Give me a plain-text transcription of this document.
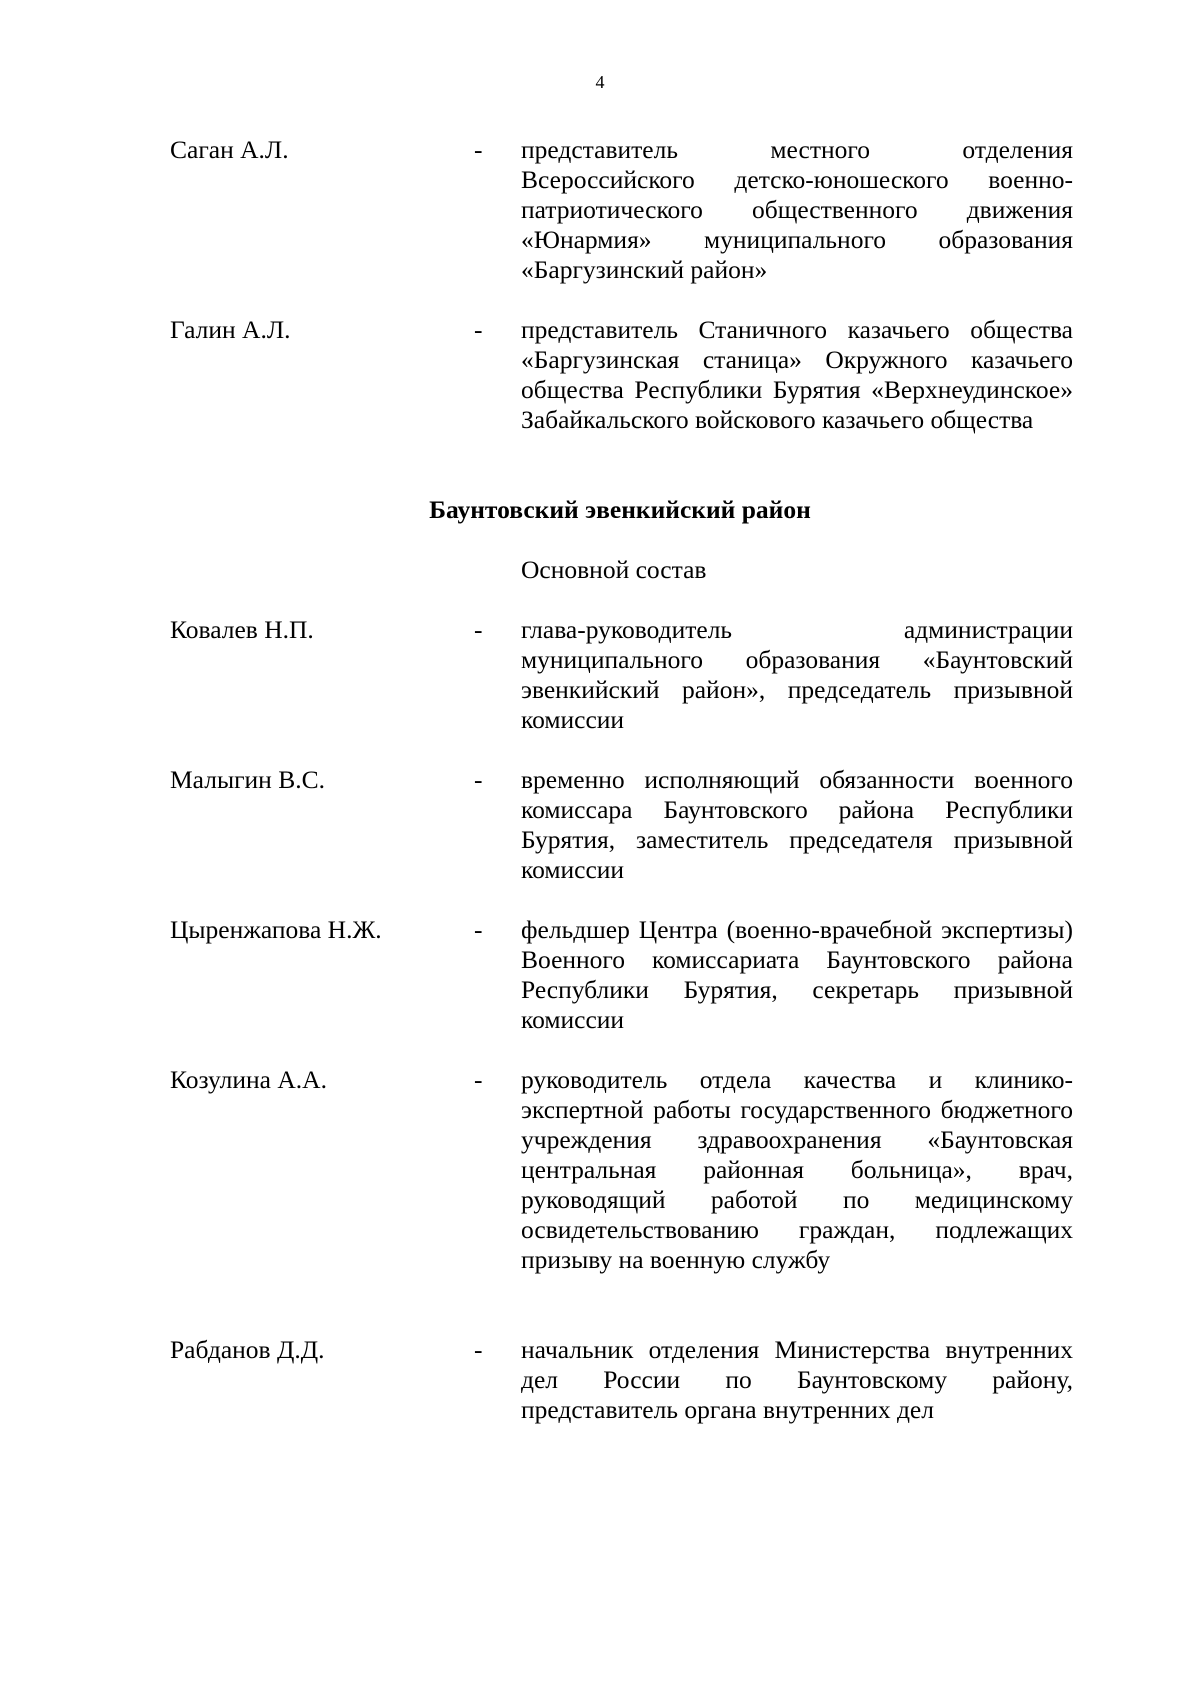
4
Саган А.Л.	- представитель местного отделения Всероссийского детско-юношеского военно-патриотического общественного движения «Юнармия» муниципального образования «Баргузинский район»
Галин А.Л.	- представитель Станичного казачьего общества «Баргузинская станица» Окружного казачьего общества Республики Бурятия «Верхнеудинское» Забайкальского войскового казачьего общества
Баунтовский эвенкийский район
Основной состав
Ковалев Н.П.	- глава-руководитель администрации муниципального образования «Баунтовский эвенкийский район», председатель призывной комиссии
Малыгин В.С.	- временно исполняющий обязанности военного комиссара Баунтовского района Республики Бурятия, заместитель председателя призывной комиссии
Цыренжапова Н.Ж.	- фельдшер Центра (военно-врачебной экспертизы) Военного комиссариата Баунтовского района Республики Бурятия, секретарь призывной комиссии
Козулина А.А.	- руководитель отдела качества и клинико-экспертной работы государственного бюджетного учреждения здравоохранения «Баунтовская центральная районная больница», врач, руководящий работой по медицинскому освидетельствованию граждан, подлежащих призыву на военную службу
Рабданов Д.Д.	- начальник отделения Министерства внутренних дел России по Баунтовскому району, представитель органа внутренних дел
